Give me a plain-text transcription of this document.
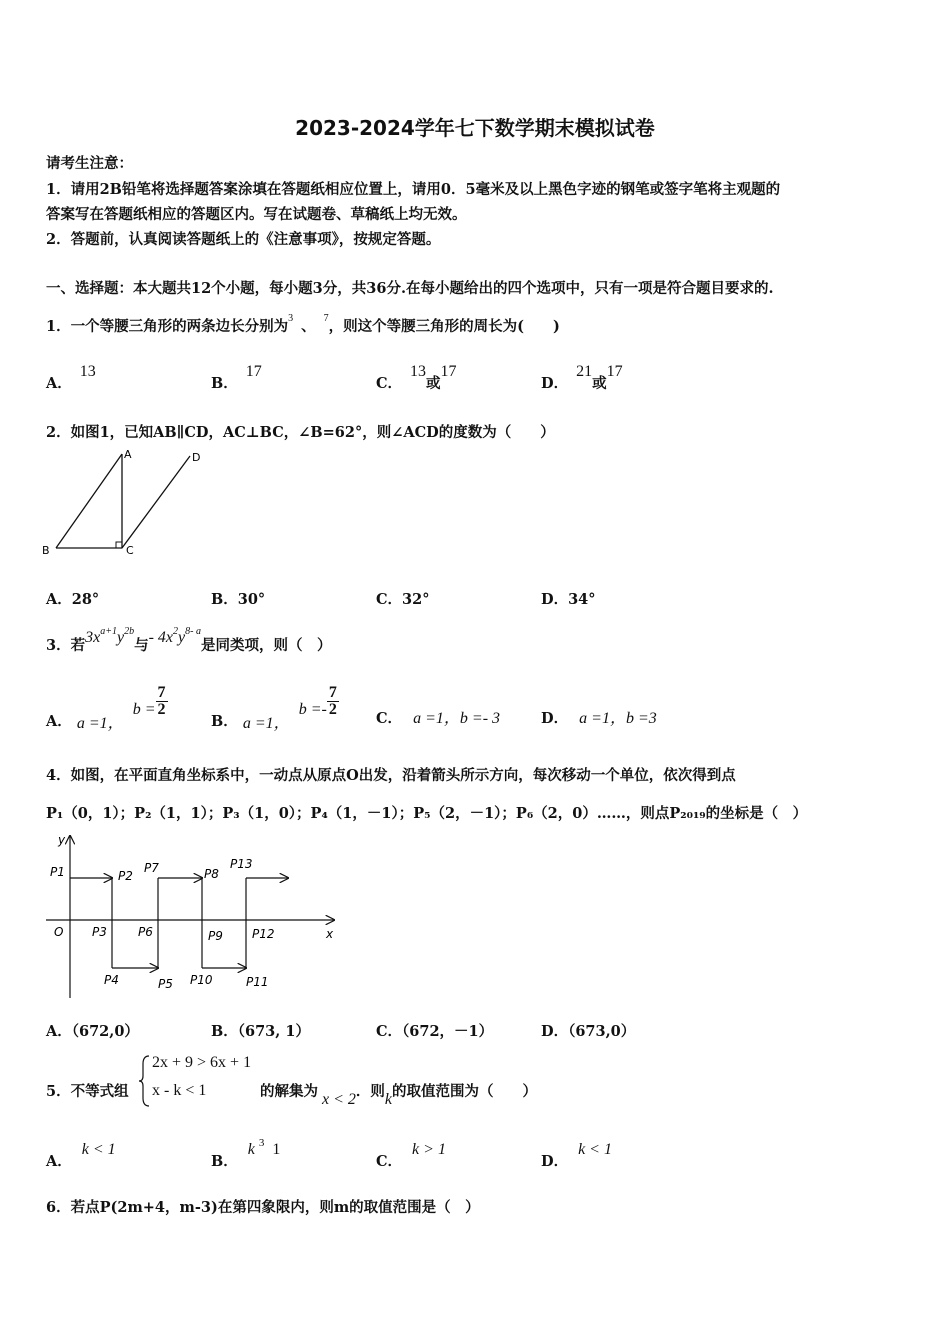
2023-2024学年七下数学期末模拟试卷
请考生注意：
1．请用2B铅笔将选择题答案涂填在答题纸相应位置上，请用0．5毫米及以上黑色字迹的钢笔或签字笔将主观题的
答案写在答题纸相应的答题区内。写在试题卷、草稿纸上均无效。
2．答题前，认真阅读答题纸上的《注意事项》，按规定答题。
一、选择题：本大题共12个小题，每小题3分，共36分.在每小题给出的四个选项中，只有一项是符合题目要求的.
1．一个等腰三角形的两条边长分别为$^3$ 、 $^7$，则这个等腰三角形的周长为(　　)
A．13
B．17
C．13或17
D．21或17
2．如图1，已知AB∥CD，AC⊥BC，∠B=62°，则∠ACD的度数为（　　）
A
B	C
D
A．28°	B．30°	C．32°	D．34°
3．若$3x^{a+1}y^{2b}$与- $4x^2y^{8- a}$是同类项，则（　）
A． a =1， $b = \frac{7}{2}$
B． a =1， $b =- \frac{7}{2}$
C． a =1，b =- 3	D． a =1，b =3
4．如图，在平面直角坐标系中，一动点从原点O出发，沿着箭头所示方向，每次移动一个单位，依次得到点
P₁（0，1）；P₂（1，1）；P₃（1，0）；P₄（1，－1）；P₅（2，－1）；P₆（2，0）……，则点P₂₀₁₉的坐标是（　）
y
x
O
P1	P2
P3
P4	P5
P6
P7	P8
P9
P10	P11
P12
P13
A．（672,0）	B．（673, 1）	C．（672，－1）	D．（673,0）
5．不等式组
2x + 9 > 6x + 1
x - k < 1	的解集为 x < 2．则k的取值范围为（　　）
A．k < 1
B．k $^3$ 1
C．k > 1
D．k < 1
6．若点P(2m+4，m-3)在第四象限内，则m的取值范围是（　）
